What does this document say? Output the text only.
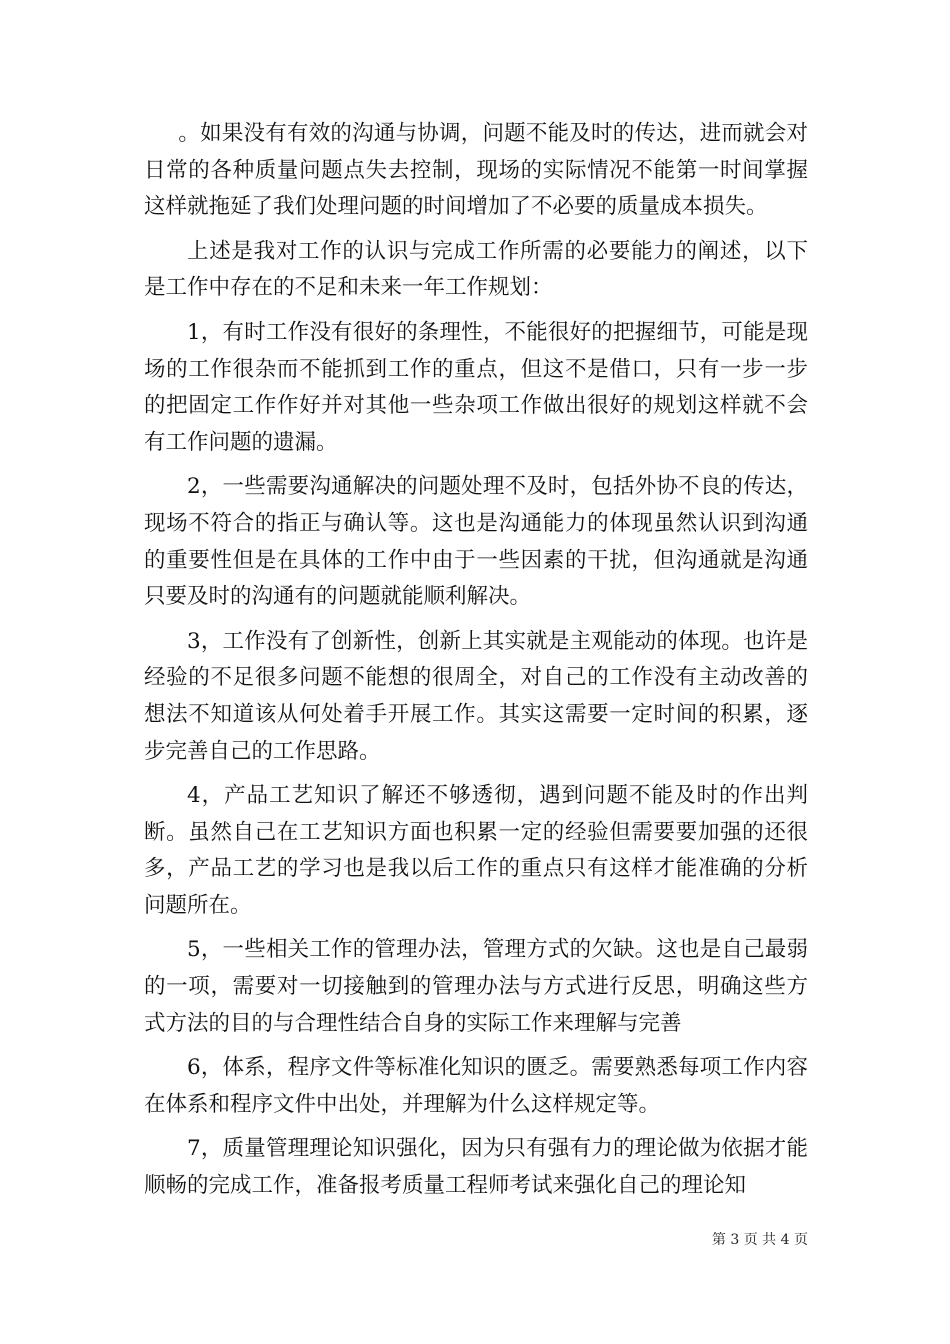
。如果没有有效的沟通与协调，问题不能及时的传达，进而就会对日常的各种质量问题点失去控制，现场的实际情况不能第一时间掌握这样就拖延了我们处理问题的时间增加了不必要的质量成本损失。

上述是我对工作的认识与完成工作所需的必要能力的阐述，以下是工作中存在的不足和未来一年工作规划：

1，有时工作没有很好的条理性，不能很好的把握细节，可能是现场的工作很杂而不能抓到工作的重点，但这不是借口，只有一步一步的把固定工作作好并对其他一些杂项工作做出很好的规划这样就不会有工作问题的遗漏。

2，一些需要沟通解决的问题处理不及时，包括外协不良的传达，现场不符合的指正与确认等。这也是沟通能力的体现虽然认识到沟通的重要性但是在具体的工作中由于一些因素的干扰，但沟通就是沟通只要及时的沟通有的问题就能顺利解决。

3，工作没有了创新性，创新上其实就是主观能动的体现。也许是经验的不足很多问题不能想的很周全，对自己的工作没有主动改善的想法不知道该从何处着手开展工作。其实这需要一定时间的积累，逐步完善自己的工作思路。

4，产品工艺知识了解还不够透彻，遇到问题不能及时的作出判断。虽然自己在工艺知识方面也积累一定的经验但需要要加强的还很多，产品工艺的学习也是我以后工作的重点只有这样才能准确的分析问题所在。

5，一些相关工作的管理办法，管理方式的欠缺。这也是自己最弱的一项，需要对一切接触到的管理办法与方式进行反思，明确这些方式方法的目的与合理性结合自身的实际工作来理解与完善

6，体系，程序文件等标准化知识的匮乏。需要熟悉每项工作内容在体系和程序文件中出处，并理解为什么这样规定等。

7，质量管理理论知识强化，因为只有强有力的理论做为依据才能顺畅的完成工作，准备报考质量工程师考试来强化自己的理论知

第 3 页 共 4 页
